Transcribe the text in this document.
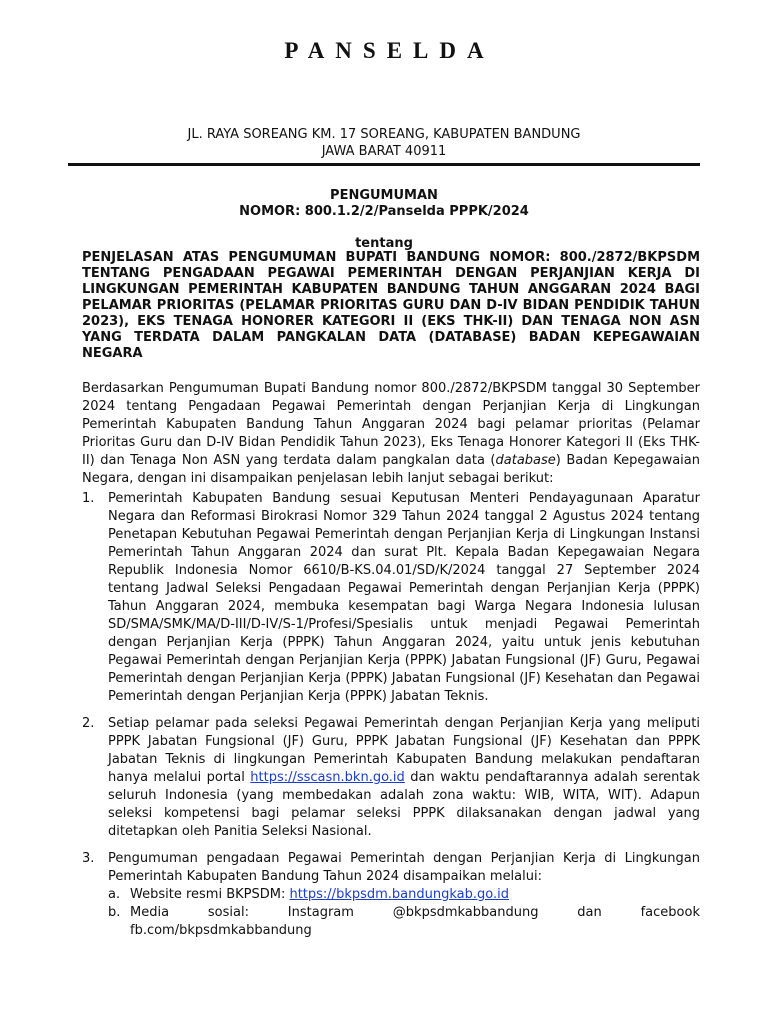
PANSELDA
JL. RAYA SOREANG KM. 17 SOREANG, KABUPATEN BANDUNG
JAWA BARAT 40911
PENGUMUMAN
NOMOR: 800.1.2/2/Panselda PPPK/2024
tentang
PENJELASAN ATAS PENGUMUMAN BUPATI BANDUNG NOMOR: 800./2872/BKPSDM TENTANG PENGADAAN PEGAWAI PEMERINTAH DENGAN PERJANJIAN KERJA DI LINGKUNGAN PEMERINTAH KABUPATEN BANDUNG TAHUN ANGGARAN 2024 BAGI PELAMAR PRIORITAS (PELAMAR PRIORITAS GURU DAN D-IV BIDAN PENDIDIK TAHUN 2023), EKS TENAGA HONORER KATEGORI II (EKS THK-II) DAN TENAGA NON ASN YANG TERDATA DALAM PANGKALAN DATA (DATABASE) BADAN KEPEGAWAIAN NEGARA
Berdasarkan Pengumuman Bupati Bandung nomor 800./2872/BKPSDM tanggal 30 September 2024 tentang Pengadaan Pegawai Pemerintah dengan Perjanjian Kerja di Lingkungan Pemerintah Kabupaten Bandung Tahun Anggaran 2024 bagi pelamar prioritas (Pelamar Prioritas Guru dan D-IV Bidan Pendidik Tahun 2023), Eks Tenaga Honorer Kategori II (Eks THK-II) dan Tenaga Non ASN yang terdata dalam pangkalan data (database) Badan Kepegawaian Negara, dengan ini disampaikan penjelasan lebih lanjut sebagai berikut:
1.	Pemerintah Kabupaten Bandung sesuai Keputusan Menteri Pendayagunaan Aparatur Negara dan Reformasi Birokrasi Nomor 329 Tahun 2024 tanggal 2 Agustus 2024 tentang Penetapan Kebutuhan Pegawai Pemerintah dengan Perjanjian Kerja di Lingkungan Instansi Pemerintah Tahun Anggaran 2024 dan surat Plt. Kepala Badan Kepegawaian Negara Republik Indonesia Nomor 6610/B-KS.04.01/SD/K/2024 tanggal 27 September 2024 tentang Jadwal Seleksi Pengadaan Pegawai Pemerintah dengan Perjanjian Kerja (PPPK) Tahun Anggaran 2024, membuka kesempatan bagi Warga Negara Indonesia lulusan SD/SMA/SMK/MA/D-III/D-IV/S-1/Profesi/Spesialis untuk menjadi Pegawai Pemerintah dengan Perjanjian Kerja (PPPK) Tahun Anggaran 2024, yaitu untuk jenis kebutuhan Pegawai Pemerintah dengan Perjanjian Kerja (PPPK) Jabatan Fungsional (JF) Guru, Pegawai Pemerintah dengan Perjanjian Kerja (PPPK) Jabatan Fungsional (JF) Kesehatan dan Pegawai Pemerintah dengan Perjanjian Kerja (PPPK) Jabatan Teknis.
2.	Setiap pelamar pada seleksi Pegawai Pemerintah dengan Perjanjian Kerja yang meliputi PPPK Jabatan Fungsional (JF) Guru, PPPK Jabatan Fungsional (JF) Kesehatan dan PPPK Jabatan Teknis di lingkungan Pemerintah Kabupaten Bandung melakukan pendaftaran hanya melalui portal https://sscasn.bkn.go.id dan waktu pendaftarannya adalah serentak seluruh Indonesia (yang membedakan adalah zona waktu: WIB, WITA, WIT). Adapun seleksi kompetensi bagi pelamar seleksi PPPK dilaksanakan dengan jadwal yang ditetapkan oleh Panitia Seleksi Nasional.
3.	Pengumuman pengadaan Pegawai Pemerintah dengan Perjanjian Kerja di Lingkungan Pemerintah Kabupaten Bandung Tahun 2024 disampaikan melalui:
a. Website resmi BKPSDM: https://bkpsdm.bandungkab.go.id
b. Media sosial: Instagram @bkpsdmkabbandung dan facebook
fb.com/bkpsdmkabbandung
